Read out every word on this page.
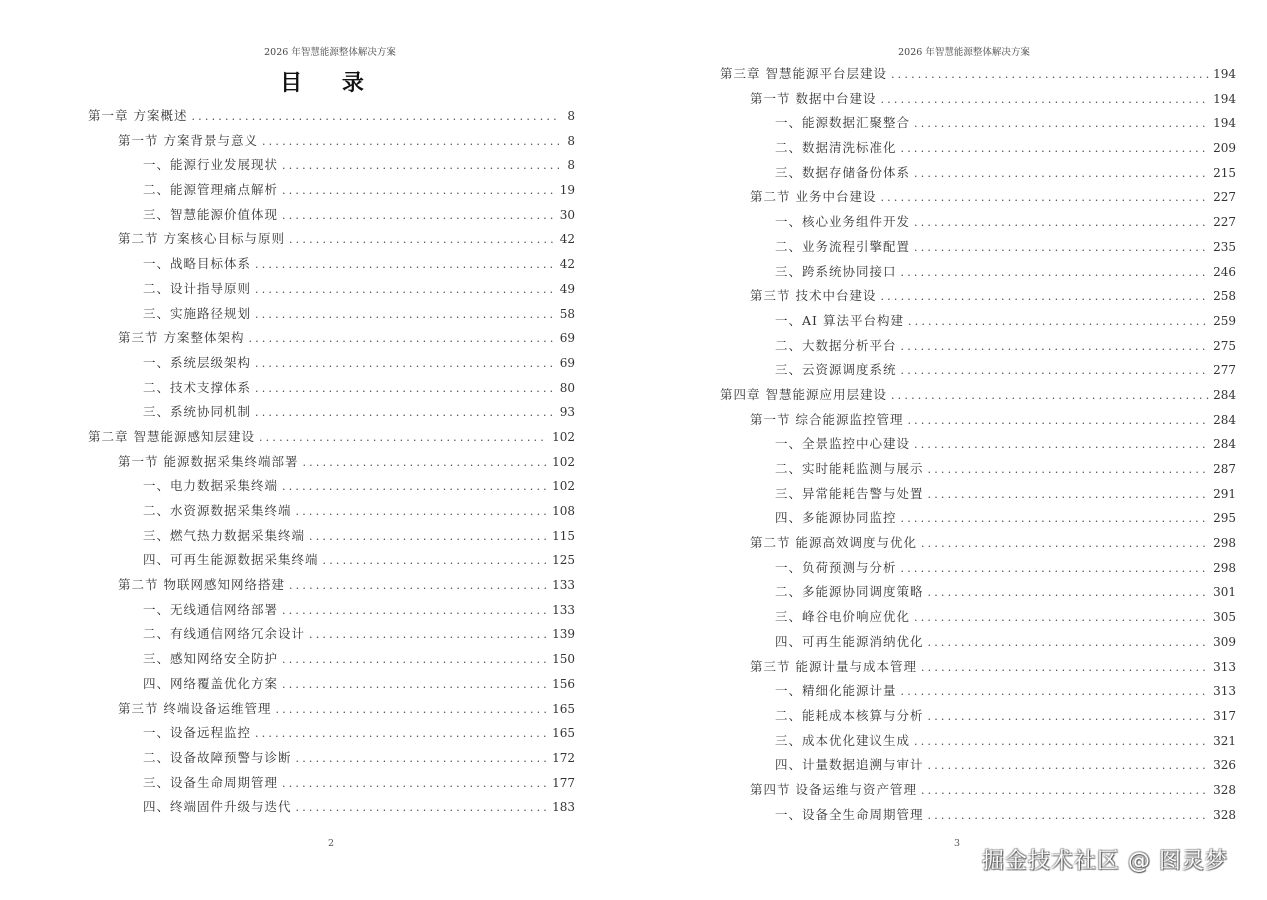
2026 年智慧能源整体解决方案
目 录
第一章 方案概述 .....	8
第一节 方案背景与意义 .....	8
一、能源行业发展现状 .....	8
二、能源管理痛点解析 .....	19
三、智慧能源价值体现 .....	30
第二节 方案核心目标与原则 .....	42
一、战略目标体系 .....	42
二、设计指导原则 .....	49
三、实施路径规划 .....	58
第三节 方案整体架构 .....	69
一、系统层级架构 .....	69
二、技术支撑体系 .....	80
三、系统协同机制 .....	93
第二章 智慧能源感知层建设 .....	102
第一节 能源数据采集终端部署 .....	102
一、电力数据采集终端 .....	102
二、水资源数据采集终端 .....	108
三、燃气热力数据采集终端 .....	115
四、可再生能源数据采集终端 .....	125
第二节 物联网感知网络搭建 .....	133
一、无线通信网络部署 .....	133
二、有线通信网络冗余设计 .....	139
三、感知网络安全防护 .....	150
四、网络覆盖优化方案 .....	156
第三节 终端设备运维管理 .....	165
一、设备远程监控 .....	165
二、设备故障预警与诊断 .....	172
三、设备生命周期管理 .....	177
四、终端固件升级与迭代 .....	183
2
2026 年智慧能源整体解决方案
第三章 智慧能源平台层建设 .....	194
第一节 数据中台建设 .....	194
一、能源数据汇聚整合 .....	194
二、数据清洗标准化 .....	209
三、数据存储备份体系 .....	215
第二节 业务中台建设 .....	227
一、核心业务组件开发 .....	227
二、业务流程引擎配置 .....	235
三、跨系统协同接口 .....	246
第三节 技术中台建设 .....	258
一、AI 算法平台构建 .....	259
二、大数据分析平台 .....	275
三、云资源调度系统 .....	277
第四章 智慧能源应用层建设 .....	284
第一节 综合能源监控管理 .....	284
一、全景监控中心建设 .....	284
二、实时能耗监测与展示 .....	287
三、异常能耗告警与处置 .....	291
四、多能源协同监控 .....	295
第二节 能源高效调度与优化 .....	298
一、负荷预测与分析 .....	298
二、多能源协同调度策略 .....	301
三、峰谷电价响应优化 .....	305
四、可再生能源消纳优化 .....	309
第三节 能源计量与成本管理 .....	313
一、精细化能源计量 .....	313
二、能耗成本核算与分析 .....	317
三、成本优化建议生成 .....	321
四、计量数据追溯与审计 .....	326
第四节 设备运维与资产管理 .....	328
一、设备全生命周期管理 .....	328
3
掘金技术社区 @ 图灵梦
